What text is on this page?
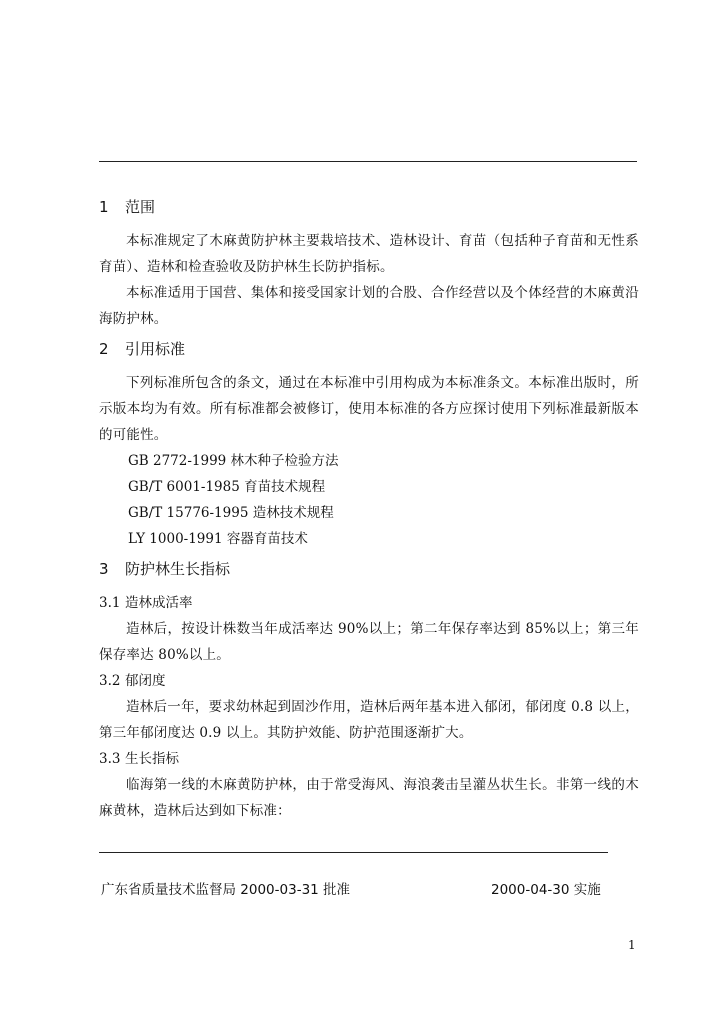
1 范围

本标准规定了木麻黄防护林主要栽培技术、造林设计、育苗（包括种子育苗和无性系育苗）、造林和检查验收及防护林生长防护指标。

本标准适用于国营、集体和接受国家计划的合股、合作经营以及个体经营的木麻黄沿海防护林。

2 引用标准

下列标准所包含的条文，通过在本标准中引用构成为本标准条文。本标准出版时，所示版本均为有效。所有标准都会被修订，使用本标准的各方应探讨使用下列标准最新版本的可能性。

GB 2772-1999 林木种子检验方法

GB/T 6001-1985 育苗技术规程

GB/T 15776-1995 造林技术规程

LY 1000-1991 容器育苗技术

3 防护林生长指标
3.1 造林成活率

造林后，按设计株数当年成活率达 90%以上；第二年保存率达到 85%以上；第三年保存率达 80%以上。

3.2 郁闭度

造林后一年，要求幼林起到固沙作用，造林后两年基本进入郁闭，郁闭度 0.8 以上，第三年郁闭度达 0.9 以上。其防护效能、防护范围逐渐扩大。

3.3 生长指标

临海第一线的木麻黄防护林，由于常受海风、海浪袭击呈灌丛状生长。非第一线的木麻黄林，造林后达到如下标准：

广东省质量技术监督局 2000-03-31 批准	2000-04-30 实施
1
